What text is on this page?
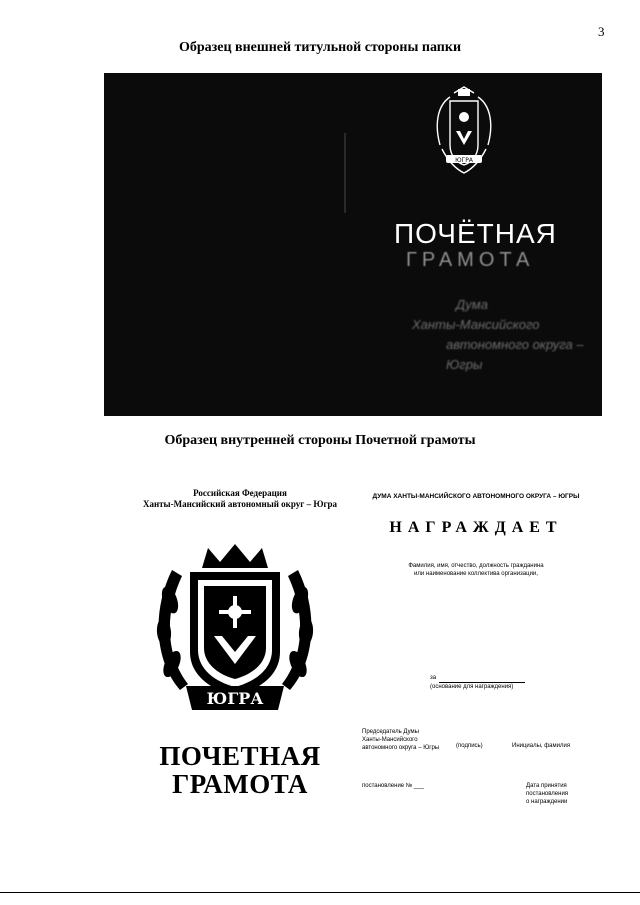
3
Образец внешней титульной стороны папки
ЮГРА
ПОЧЁТНАЯ
ГРАМОТА
Дума
Ханты-Мансийского
автономного округа – Югры
Образец внутренней стороны Почетной грамоты
Российская Федерация
Ханты-Мансийский автономный округ – Югра
ЮГРА
ПОЧЕТНАЯ
ГРАМОТА
ДУМА ХАНТЫ-МАНСИЙСКОГО АВТОНОМНОГО ОКРУГА – ЮГРЫ
НАГРАЖДАЕТ
Фамилия, имя, отчество, должность гражданина
или наименование коллектива организации,
за
(основание для награждения)
Председатель Думы
Ханты-Мансийского
автономного округа – Югры	(подпись)	Инициалы, фамилия
постановление № ___	Дата принятия
постановления
о награждении
